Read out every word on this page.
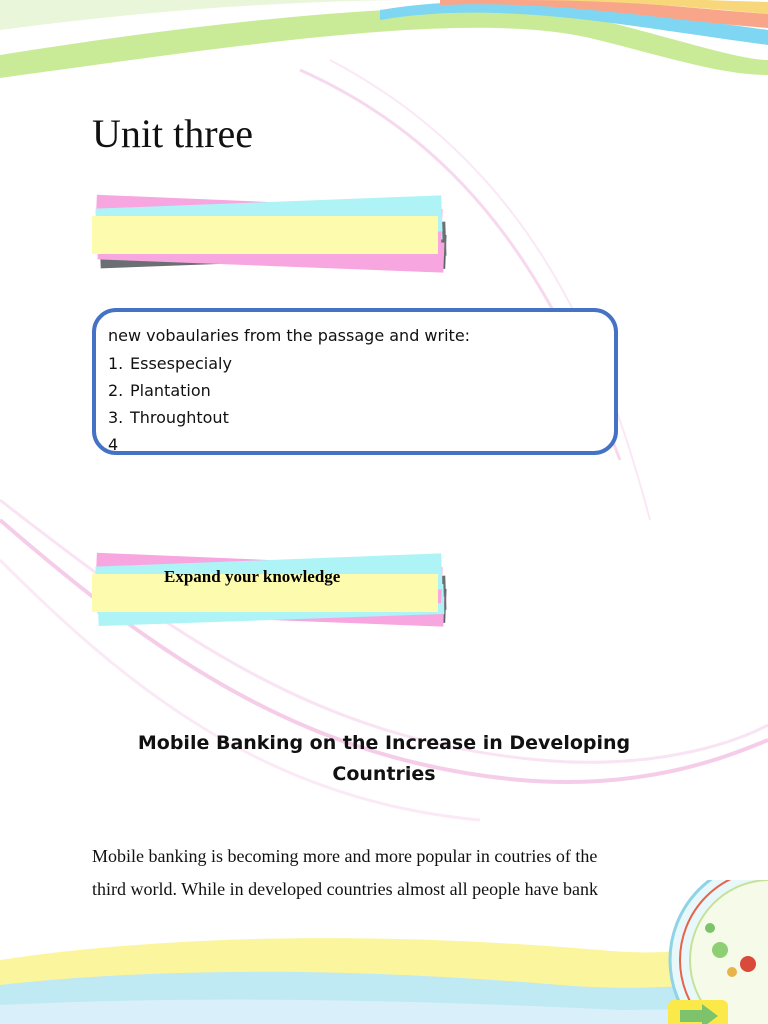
Unit three
new vobaularies from the passage and write:
1. Essespecialy
2. Plantation
3. Throughtout
4
Expand your knowledge
Mobile Banking on the Increase in Developing
Countries

Mobile banking is becoming more and more popular in coutries of the

third world. While in developed countries almost all people have bank
